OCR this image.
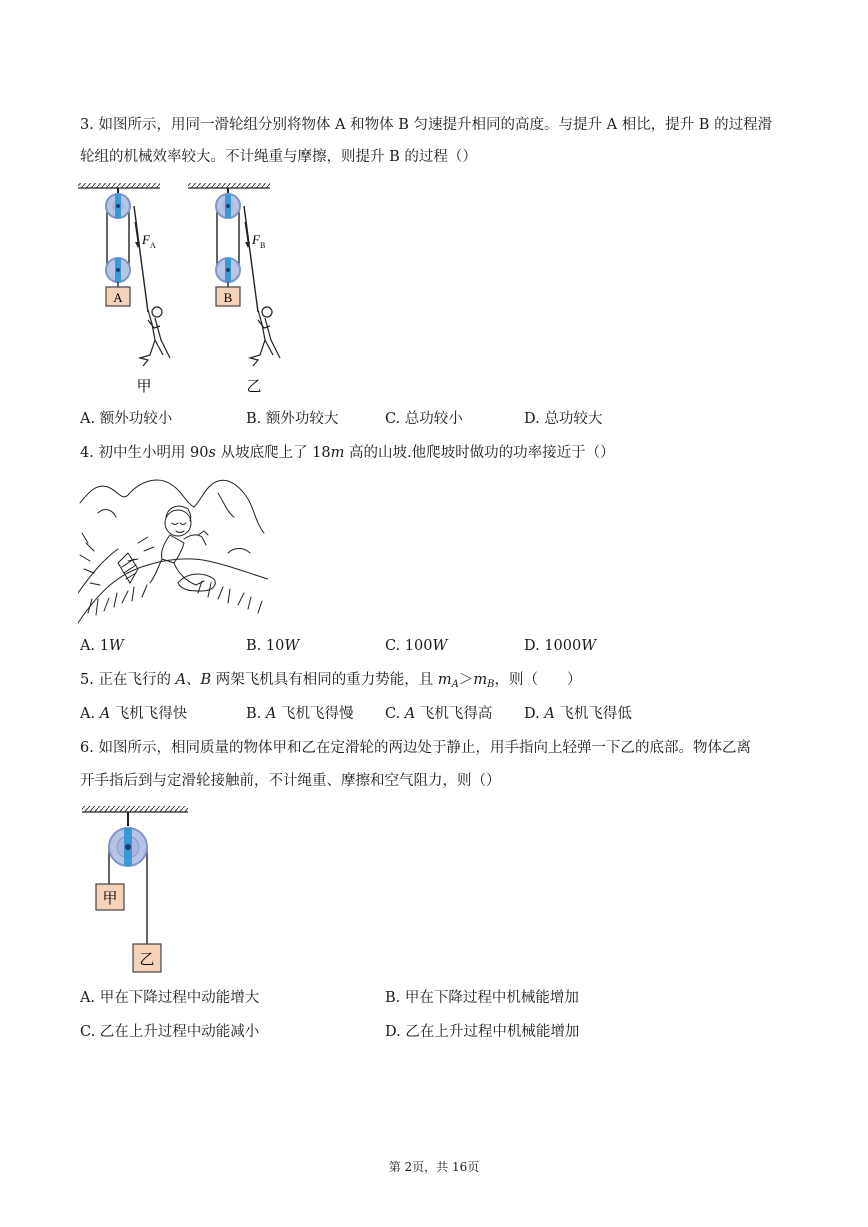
3. 如图所示，用同一滑轮组分别将物体 A 和物体 B 匀速提升相同的高度。与提升 A 相比，提升 B 的过程滑
轮组的机械效率较大。不计绳重与摩擦，则提升 B 的过程（）
A	B
$F_A$	$F_B$
甲	乙
A. 额外功较小	B. 额外功较大	C. 总功较小	D. 总功较大
4. 初中生小明用 90s 从坡底爬上了 18m 高的山坡.他爬坡时做功的功率接近于（）
A. 1W	B. 10W	C. 100W	D. 1000W
5. 正在飞行的 A、B 两架飞机具有相同的重力势能，且 $m_A>m_B$，则（　　）
A. A 飞机飞得快	B. A 飞机飞得慢 C. A 飞机飞得高 D. A 飞机飞得低
6. 如图所示，相同质量的物体甲和乙在定滑轮的两边处于静止，用手指向上轻弹一下乙的底部。物体乙离
开手指后到与定滑轮接触前，不计绳重、摩擦和空气阻力，则（）
甲
乙
A. 甲在下降过程中动能增大	B. 甲在下降过程中机械能增加
C. 乙在上升过程中动能减小	D. 乙在上升过程中机械能增加
第 2页，共 16页
